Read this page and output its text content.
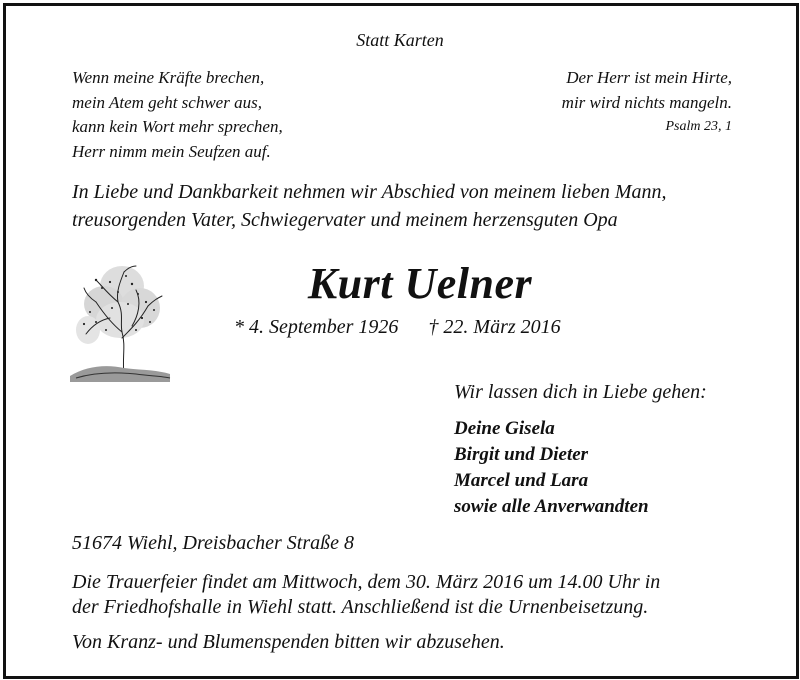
Statt Karten
Wenn meine Kräfte brechen,
mein Atem geht schwer aus,
kann kein Wort mehr sprechen,
Herr nimm mein Seufzen auf.
Der Herr ist mein Hirte,
mir wird nichts mangeln.
Psalm 23, 1
In Liebe und Dankbarkeit nehmen wir Abschied von meinem lieben Mann,
treusorgenden Vater, Schwiegervater und meinem herzensguten Opa
Kurt Uelner
* 4. September 1926 † 22. März 2016
Wir lassen dich in Liebe gehen:
Deine Gisela
Birgit und Dieter
Marcel und Lara
sowie alle Anverwandten
51674 Wiehl, Dreisbacher Straße 8
Die Trauerfeier findet am Mittwoch, dem 30. März 2016 um 14.00 Uhr in
der Friedhofshalle in Wiehl statt. Anschließend ist die Urnenbeisetzung.
Von Kranz- und Blumenspenden bitten wir abzusehen.
